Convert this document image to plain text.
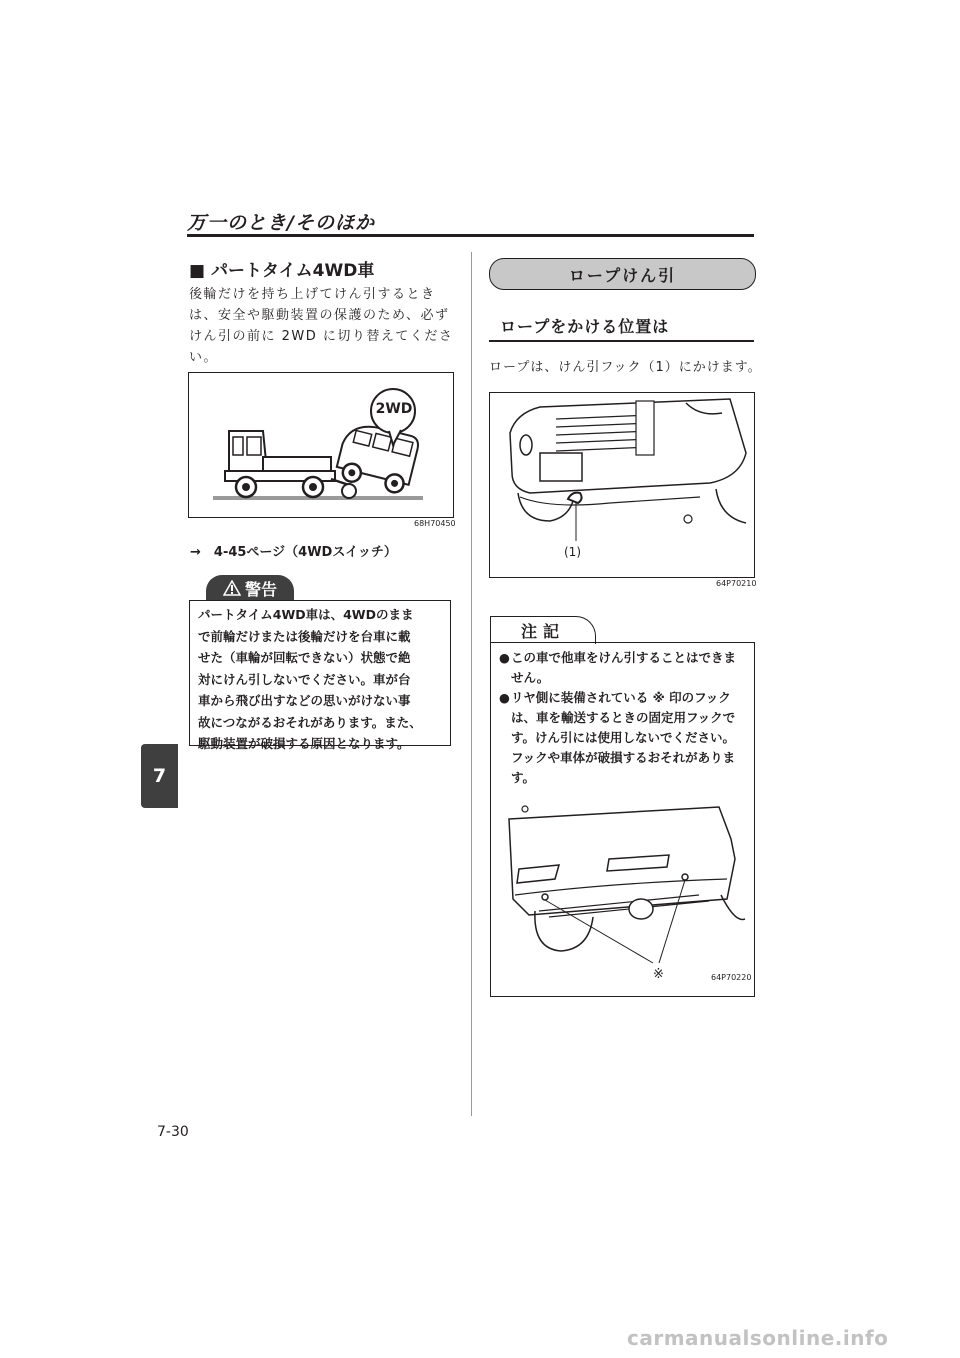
万一のとき/そのほか
7
■ パートタイム4WD車
後輪だけを持ち上げてけん引するときは、安全や駆動装置の保護のため、必ずけん引の前に 2WD に切り替えてください。
2WD
68H70450
→　4-45ページ（4WDスイッチ）
警告
パートタイム4WD車は、4WDのまま
で前輪だけまたは後輪だけを台車に載
せた（車輪が回転できない）状態で絶
対にけん引しないでください。車が台
車から飛び出すなどの思いがけない事
故につながるおそれがあります。また、
駆動装置が破損する原因となります。
ロープけん引
ロープをかける位置は
ロープは、けん引フック（1）にかけます。
(1)
64P70210
注記
● この車で他車をけん引することはできません。
● リヤ側に装備されている ※ 印のフックは、車を輸送するときの固定用フックです。けん引には使用しないでください。フックや車体が破損するおそれがあります。
※	64P70220
7-30
carmanualsonline.info
